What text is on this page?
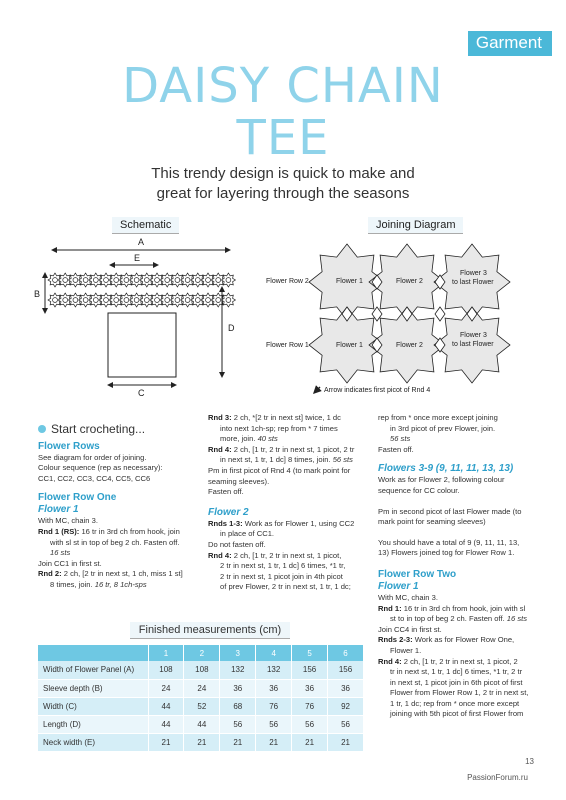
Garment
DAISY CHAIN
TEE
This trendy design is quick to make and
great for layering through the seasons
Schematic	Joining Diagram
A
E
B
D
C
Flower Row 2
Flower Row 1
Flower 1	Flower 2
Flower 3
to last Flower
Flower 1	Flower 2
Flower 3
to last Flower
Arrow indicates first picot of Rnd 4
Start crocheting...

Flower Rows

See diagram for order of joining.

Colour sequence (rep as necessary):

CC1, CC2, CC3, CC4, CC5, CC6

Flower Row One

Flower 1

With MC, chain 3.

Rnd 1 (RS): 16 tr in 3rd ch from hook, join

with sl st in top of beg 2 ch. Fasten off.

16 sts

Join CC1 in first st.

Rnd 2: 2 ch, [2 tr in next st, 1 ch, miss 1 st]

8 times, join. 16 tr, 8 1ch-sps

Rnd 3: 2 ch, *[2 tr in next st] twice, 1 dc

into next 1ch-sp; rep from * 7 times

more, join. 40 sts

Rnd 4: 2 ch, [1 tr, 2 tr in next st, 1 picot, 2 tr

in next st, 1 tr, 1 dc] 8 times, join. 56 sts

Pm in first picot of Rnd 4 (to mark point for

seaming sleeves).

Fasten off.

Flower 2

Rnds 1-3: Work as for Flower 1, using CC2

in place of CC1.

Do not fasten off.

Rnd 4: 2 ch, [1 tr, 2 tr in next st, 1 picot,

2 tr in next st, 1 tr, 1 dc] 6 times, *1 tr,

2 tr in next st, 1 picot join in 4th picot

of prev Flower, 2 tr in next st, 1 tr, 1 dc;

rep from * once more except joining

in 3rd picot of prev Flower, join.

56 sts

Fasten off.

Flowers 3-9 (9, 11, 11, 13, 13)

Work as for Flower 2, following colour

sequence for CC colour.

Pm in second picot of last Flower made (to

mark point for seaming sleeves)

You should have a total of 9 (9, 11, 11, 13,

13) Flowers joined tog for Flower Row 1.

Flower Row Two

Flower 1

With MC, chain 3.

Rnd 1: 16 tr in 3rd ch from hook, join with sl

st to in top of beg 2 ch. Fasten off. 16 sts

Join CC4 in first st.

Rnds 2-3: Work as for Flower Row One,

Flower 1.

Rnd 4: 2 ch, [1 tr, 2 tr in next st, 1 picot, 2

tr in next st, 1 tr, 1 dc] 6 times, *1 tr, 2 tr

in next st, 1 picot join in 6th picot of first

Flower from Flower Row 1, 2 tr in next st,

1 tr, 1 dc; rep from * once more except

joining with 5th picot of first Flower from

Finished measurements (cm)
	1	2	3	4	5	6
Width of Flower Panel (A)	108	108	132	132	156	156
Sleeve depth (B)	24	24	36	36	36	36
Width (C)	44	52	68	76	76	92
Length (D)	44	44	56	56	56	56
Neck width (E)	21	21	21	21	21	21
13
PassionForum.ru
